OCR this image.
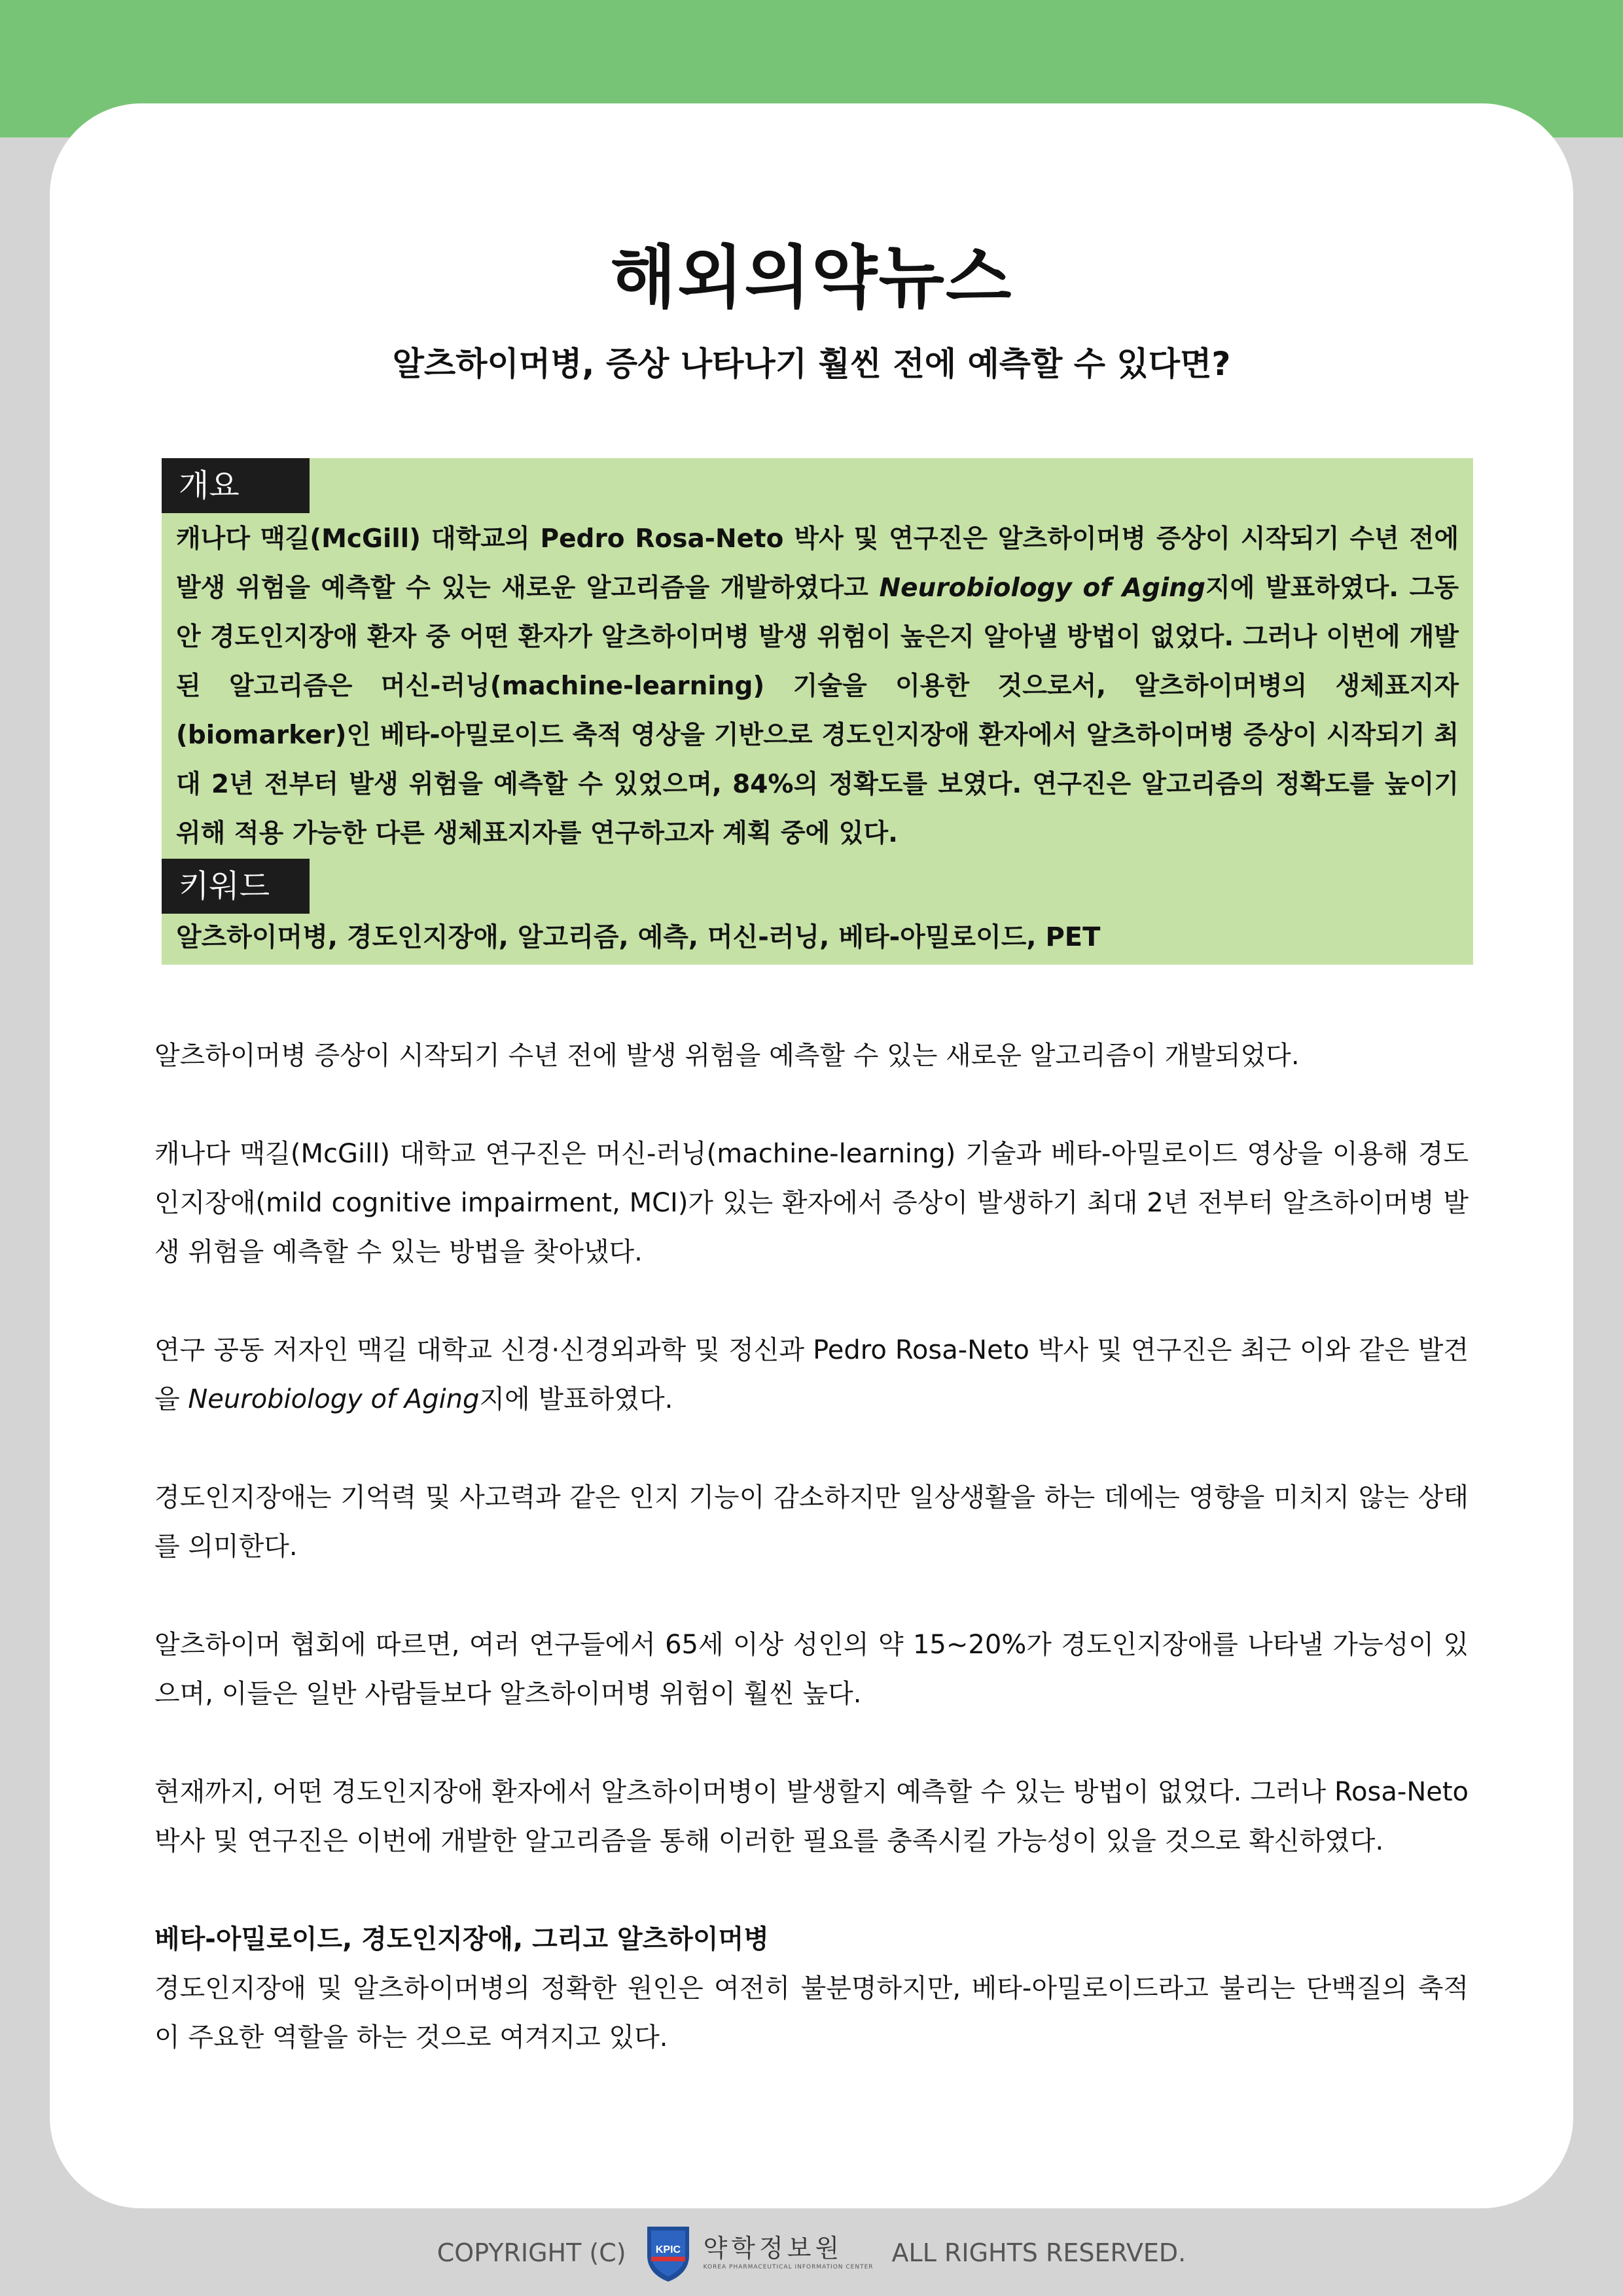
해외의약뉴스
알츠하이머병, 증상 나타나기 훨씬 전에 예측할 수 있다면?
개요

캐나다 맥길(McGill) 대학교의 Pedro Rosa-Neto 박사 및 연구진은 알츠하이머병 증상이 시작되기 수년 전에 발생 위험을 예측할 수 있는 새로운 알고리즘을 개발하였다고 Neurobiology of Aging지에 발표하였다. 그동안 경도인지장애 환자 중 어떤 환자가 알츠하이머병 발생 위험이 높은지 알아낼 방법이 없었다. 그러나 이번에 개발된 알고리즘은 머신-러닝(machine-learning) 기술을 이용한 것으로서, 알츠하이머병의 생체표지자(biomarker)인 베타-아밀로이드 축적 영상을 기반으로 경도인지장애 환자에서 알츠하이머병 증상이 시작되기 최대 2년 전부터 발생 위험을 예측할 수 있었으며, 84%의 정확도를 보였다. 연구진은 알고리즘의 정확도를 높이기 위해 적용 가능한 다른 생체표지자를 연구하고자 계획 중에 있다.

키워드

알츠하이머병, 경도인지장애, 알고리즘, 예측, 머신-러닝, 베타-아밀로이드, PET

알츠하이머병 증상이 시작되기 수년 전에 발생 위험을 예측할 수 있는 새로운 알고리즘이 개발되었다.

캐나다 맥길(McGill) 대학교 연구진은 머신-러닝(machine-learning) 기술과 베타-아밀로이드 영상을 이용해 경도인지장애(mild cognitive impairment, MCI)가 있는 환자에서 증상이 발생하기 최대 2년 전부터 알츠하이머병 발생 위험을 예측할 수 있는 방법을 찾아냈다.

연구 공동 저자인 맥길 대학교 신경·신경외과학 및 정신과 Pedro Rosa-Neto 박사 및 연구진은 최근 이와 같은 발견을 Neurobiology of Aging지에 발표하였다.

경도인지장애는 기억력 및 사고력과 같은 인지 기능이 감소하지만 일상생활을 하는 데에는 영향을 미치지 않는 상태를 의미한다.

알츠하이머 협회에 따르면, 여러 연구들에서 65세 이상 성인의 약 15~20%가 경도인지장애를 나타낼 가능성이 있으며, 이들은 일반 사람들보다 알츠하이머병 위험이 훨씬 높다.

현재까지, 어떤 경도인지장애 환자에서 알츠하이머병이 발생할지 예측할 수 있는 방법이 없었다. 그러나 Rosa-Neto 박사 및 연구진은 이번에 개발한 알고리즘을 통해 이러한 필요를 충족시킬 가능성이 있을 것으로 확신하였다.

베타-아밀로이드, 경도인지장애, 그리고 알츠하이머병

경도인지장애 및 알츠하이머병의 정확한 원인은 여전히 불분명하지만, 베타-아밀로이드라고 불리는 단백질의 축적이 주요한 역할을 하는 것으로 여겨지고 있다.

COPYRIGHT (C)	KPIC 약학정보원
KOREA PHARMACEUTICAL INFORMATION CENTER ALL RIGHTS RESERVED.
